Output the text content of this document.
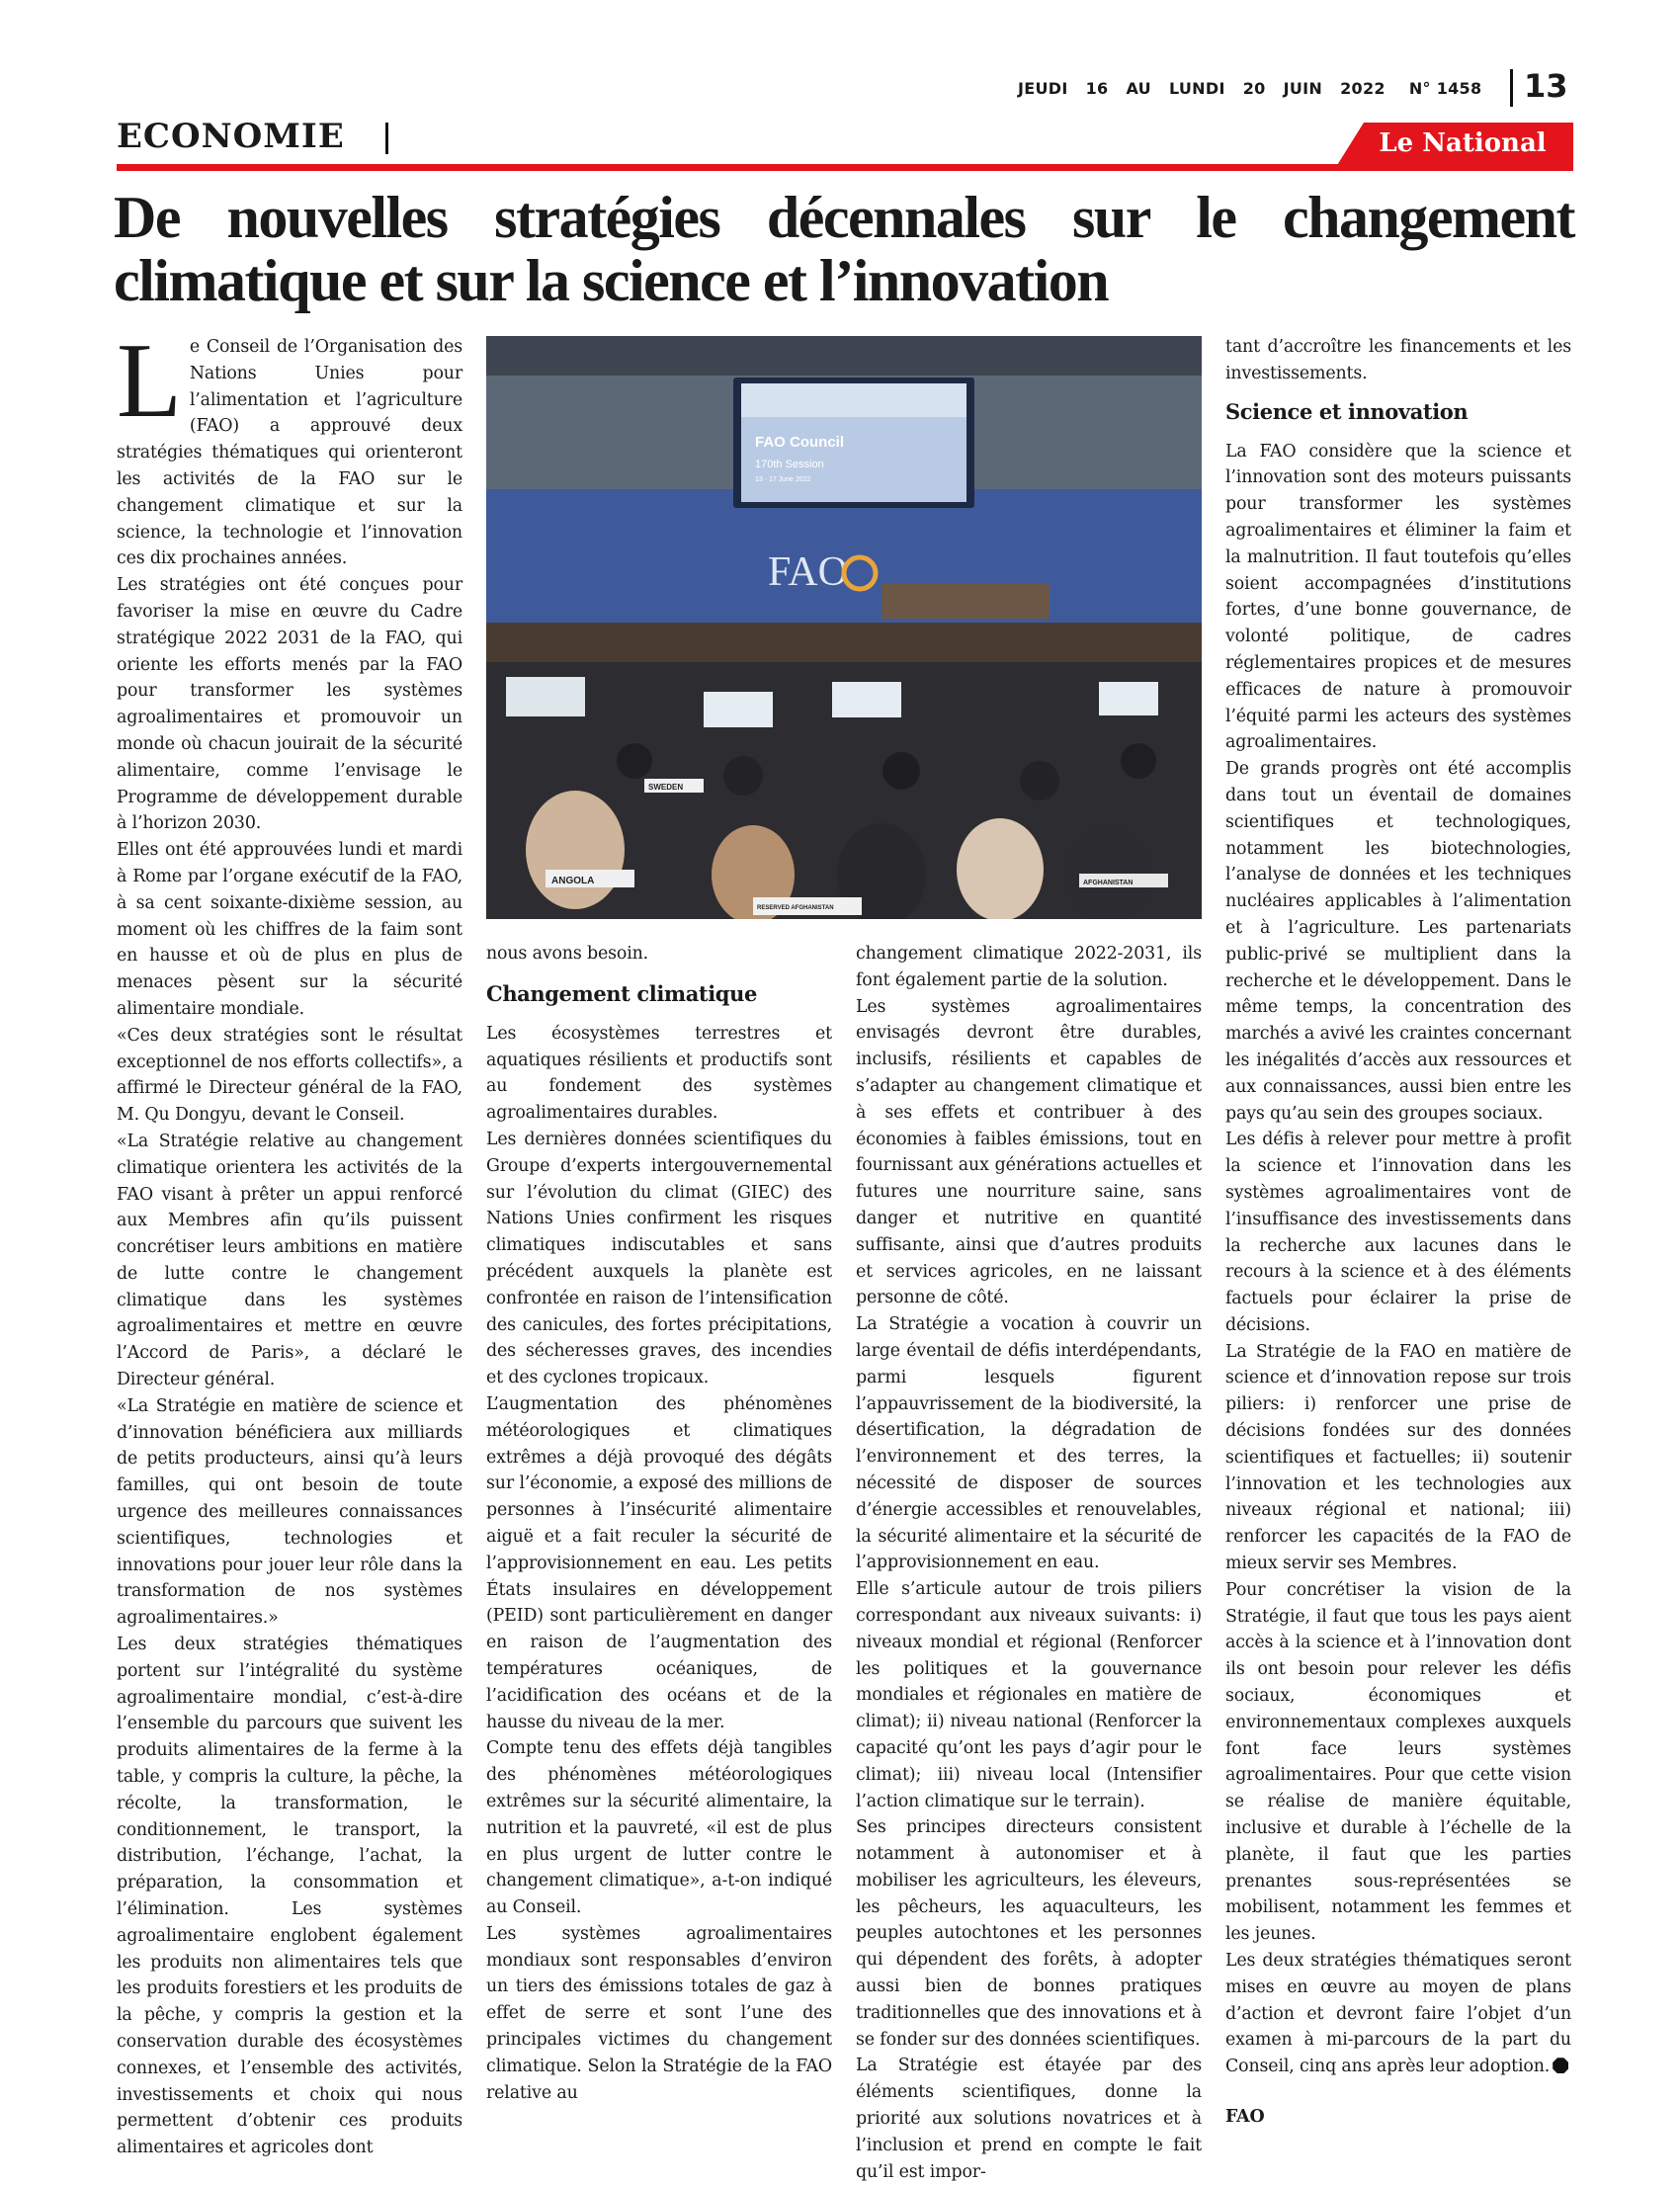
JEUDI 16 AU LUNDI 20 JUIN 2022 N° 1458	13
ECONOMIE	Le National
De nouvelles stratégies décennales sur le changement climatique et sur la science et l’innovation
L e Conseil de l’Organisation des Nations Unies pour l’alimentation et l’agriculture (FAO) a approuvé deux stratégies thématiques qui orienteront les activités de la FAO sur le changement climatique et sur la science, la technologie et l’innovation ces dix prochaines années.

Les stratégies ont été conçues pour favoriser la mise en œuvre du Cadre stratégique 2022 2031 de la FAO, qui oriente les efforts menés par la FAO pour transformer les systèmes agroalimentaires et promouvoir un monde où chacun jouirait de la sécurité alimentaire, comme l’envisage le Programme de développement durable à l’horizon 2030.

Elles ont été approuvées lundi et mardi à Rome par l’organe exécutif de la FAO, à sa cent soixante-dixième session, au moment où les chiffres de la faim sont en hausse et où de plus en plus de menaces pèsent sur la sécurité alimentaire mondiale.

«Ces deux stratégies sont le résultat exceptionnel de nos efforts collectifs», a affirmé le Directeur général de la FAO, M. Qu Dongyu, devant le Conseil.

«La Stratégie relative au changement climatique orientera les activités de la FAO visant à prêter un appui renforcé aux Membres afin qu’ils puissent concrétiser leurs ambitions en matière de lutte contre le changement climatique dans les systèmes agroalimentaires et mettre en œuvre l’Accord de Paris», a déclaré le Directeur général.

«La Stratégie en matière de science et d’innovation bénéficiera aux milliards de petits producteurs, ainsi qu’à leurs familles, qui ont besoin de toute urgence des meilleures connaissances scientifiques, technologies et innovations pour jouer leur rôle dans la transformation de nos systèmes agroalimentaires.»

Les deux stratégies thématiques portent sur l’intégralité du système agroalimentaire mondial, c’est-à-dire l’ensemble du parcours que suivent les produits alimentaires de la ferme à la table, y compris la culture, la pêche, la récolte, la transformation, le conditionnement, le transport, la distribution, l’échange, l’achat, la préparation, la consommation et l’élimination. Les systèmes agroalimentaire englobent également les produits non alimentaires tels que les produits forestiers et les produits de la pêche, y compris la gestion et la conservation durable des écosystèmes connexes, et l’ensemble des activités, investissements et choix qui nous permettent d’obtenir ces produits alimentaires et agricoles dont

FAO Council
170th Session
13 - 17 June 2022
FAO
ANGOLA
SWEDEN
RESERVED AFGHANISTAN
AFGHANISTAN

nous avons besoin.

Changement climatique

Les écosystèmes terrestres et aquatiques résilients et productifs sont au fondement des systèmes agroalimentaires durables.

Les dernières données scientifiques du Groupe d’experts intergouvernemental sur l’évolution du climat (GIEC) des Nations Unies confirment les risques climatiques indiscutables et sans précédent auxquels la planète est confrontée en raison de l’intensification des canicules, des fortes précipitations, des sécheresses graves, des incendies et des cyclones tropicaux.

L’augmentation des phénomènes météorologiques et climatiques extrêmes a déjà provoqué des dégâts sur l’économie, a exposé des millions de personnes à l’insécurité alimentaire aiguë et a fait reculer la sécurité de l’approvisionnement en eau. Les petits États insulaires en développement (PEID) sont particulièrement en danger en raison de l’augmentation des températures océaniques, de l’acidification des océans et de la hausse du niveau de la mer.

Compte tenu des effets déjà tangibles des phénomènes météorologiques extrêmes sur la sécurité alimentaire, la nutrition et la pauvreté, «il est de plus en plus urgent de lutter contre le changement climatique», a-t-on indiqué au Conseil.

Les systèmes agroalimentaires mondiaux sont responsables d’environ un tiers des émissions totales de gaz à effet de serre et sont l’une des principales victimes du changement climatique. Selon la Stratégie de la FAO relative au

changement climatique 2022-2031, ils font également partie de la solution.

Les systèmes agroalimentaires envisagés devront être durables, inclusifs, résilients et capables de s’adapter au changement climatique et à ses effets et contribuer à des économies à faibles émissions, tout en fournissant aux générations actuelles et futures une nourriture saine, sans danger et nutritive en quantité suffisante, ainsi que d’autres produits et services agricoles, en ne laissant personne de côté.

La Stratégie a vocation à couvrir un large éventail de défis interdépendants, parmi lesquels figurent l’appauvrissement de la biodiversité, la désertification, la dégradation de l’environnement et des terres, la nécessité de disposer de sources d’énergie accessibles et renouvelables, la sécurité alimentaire et la sécurité de l’approvisionnement en eau.

Elle s’articule autour de trois piliers correspondant aux niveaux suivants: i) niveaux mondial et régional (Renforcer les politiques et la gouvernance mondiales et régionales en matière de climat); ii) niveau national (Renforcer la capacité qu’ont les pays d’agir pour le climat); iii) niveau local (Intensifier l’action climatique sur le terrain).

Ses principes directeurs consistent notamment à autonomiser et à mobiliser les agriculteurs, les éleveurs, les pêcheurs, les aquaculteurs, les peuples autochtones et les personnes qui dépendent des forêts, à adopter aussi bien de bonnes pratiques traditionnelles que des innovations et à se fonder sur des données scientifiques.

La Stratégie est étayée par des éléments scientifiques, donne la priorité aux solutions novatrices et à l’inclusion et prend en compte le fait qu’il est impor-

tant d’accroître les financements et les investissements.

Science et innovation

La FAO considère que la science et l’innovation sont des moteurs puissants pour transformer les systèmes agroalimentaires et éliminer la faim et la malnutrition. Il faut toutefois qu’elles soient accompagnées d’institutions fortes, d’une bonne gouvernance, de volonté politique, de cadres réglementaires propices et de mesures efficaces de nature à promouvoir l’équité parmi les acteurs des systèmes agroalimentaires.

De grands progrès ont été accomplis dans tout un éventail de domaines scientifiques et technologiques, notamment les biotechnologies, l’analyse de données et les techniques nucléaires applicables à l’alimentation et à l’agriculture. Les partenariats public-privé se multiplient dans la recherche et le développement. Dans le même temps, la concentration des marchés a avivé les craintes concernant les inégalités d’accès aux ressources et aux connaissances, aussi bien entre les pays qu’au sein des groupes sociaux.

Les défis à relever pour mettre à profit la science et l’innovation dans les systèmes agroalimentaires vont de l’insuffisance des investissements dans la recherche aux lacunes dans le recours à la science et à des éléments factuels pour éclairer la prise de décisions.

La Stratégie de la FAO en matière de science et d’innovation repose sur trois piliers: i) renforcer une prise de décisions fondées sur des données scientifiques et factuelles; ii) soutenir l’innovation et les technologies aux niveaux régional et national; iii) renforcer les capacités de la FAO de mieux servir ses Membres.

Pour concrétiser la vision de la Stratégie, il faut que tous les pays aient accès à la science et à l’innovation dont ils ont besoin pour relever les défis sociaux, économiques et environnementaux complexes auxquels font face leurs systèmes agroalimentaires. Pour que cette vision se réalise de manière équitable, inclusive et durable à l’échelle de la planète, il faut que les parties prenantes sous-représentées se mobilisent, notamment les femmes et les jeunes.

Les deux stratégies thématiques seront mises en œuvre au moyen de plans d’action et devront faire l’objet d’un examen à mi-parcours de la part du Conseil, cinq ans après leur adoption.

FAO
